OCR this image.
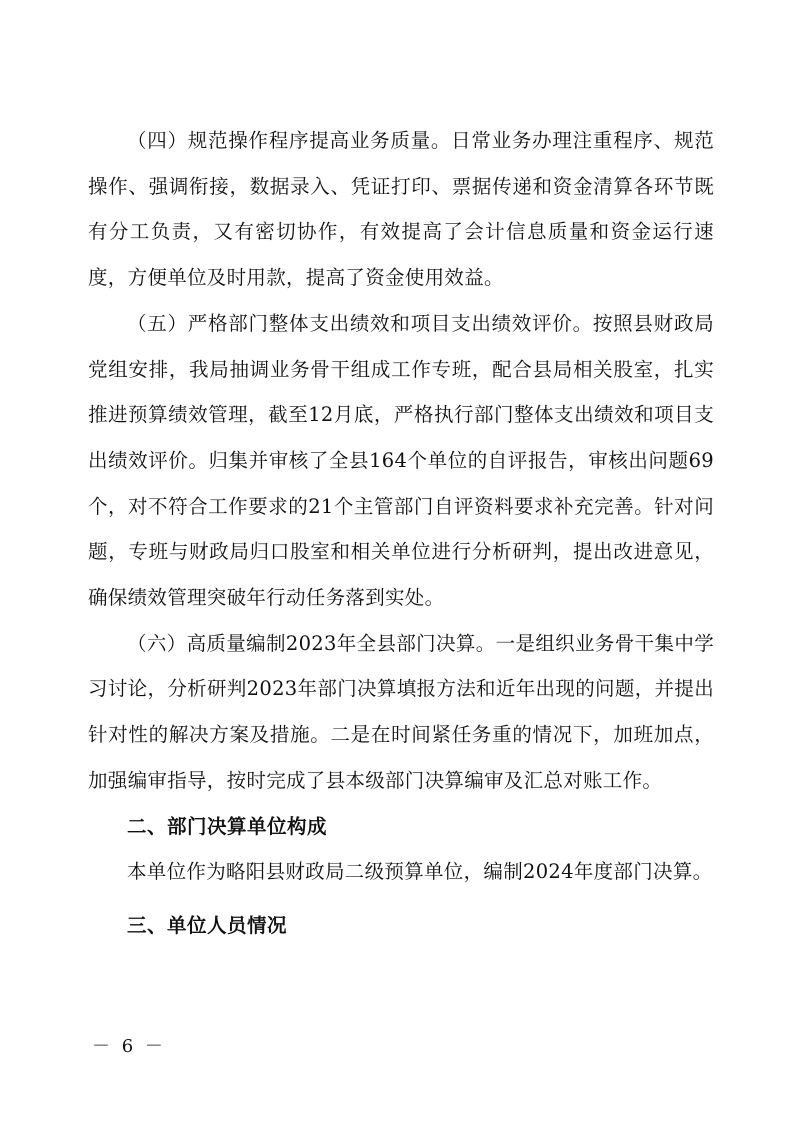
（四）规范操作程序提高业务质量。日常业务办理注重程序、规范操作、强调衔接，数据录入、凭证打印、票据传递和资金清算各环节既有分工负责，又有密切协作，有效提高了会计信息质量和资金运行速度，方便单位及时用款，提高了资金使用效益。

（五）严格部门整体支出绩效和项目支出绩效评价。按照县财政局党组安排，我局抽调业务骨干组成工作专班，配合县局相关股室，扎实推进预算绩效管理，截至12月底，严格执行部门整体支出绩效和项目支出绩效评价。归集并审核了全县164个单位的自评报告，审核出问题69个，对不符合工作要求的21个主管部门自评资料要求补充完善。针对问题，专班与财政局归口股室和相关单位进行分析研判，提出改进意见，确保绩效管理突破年行动任务落到实处。

（六）高质量编制2023年全县部门决算。一是组织业务骨干集中学习讨论，分析研判2023年部门决算填报方法和近年出现的问题，并提出针对性的解决方案及措施。二是在时间紧任务重的情况下，加班加点，加强编审指导，按时完成了县本级部门决算编审及汇总对账工作。

二、部门决算单位构成

本单位作为略阳县财政局二级预算单位，编制2024年度部门决算。

三、单位人员情况
－ 6 －
